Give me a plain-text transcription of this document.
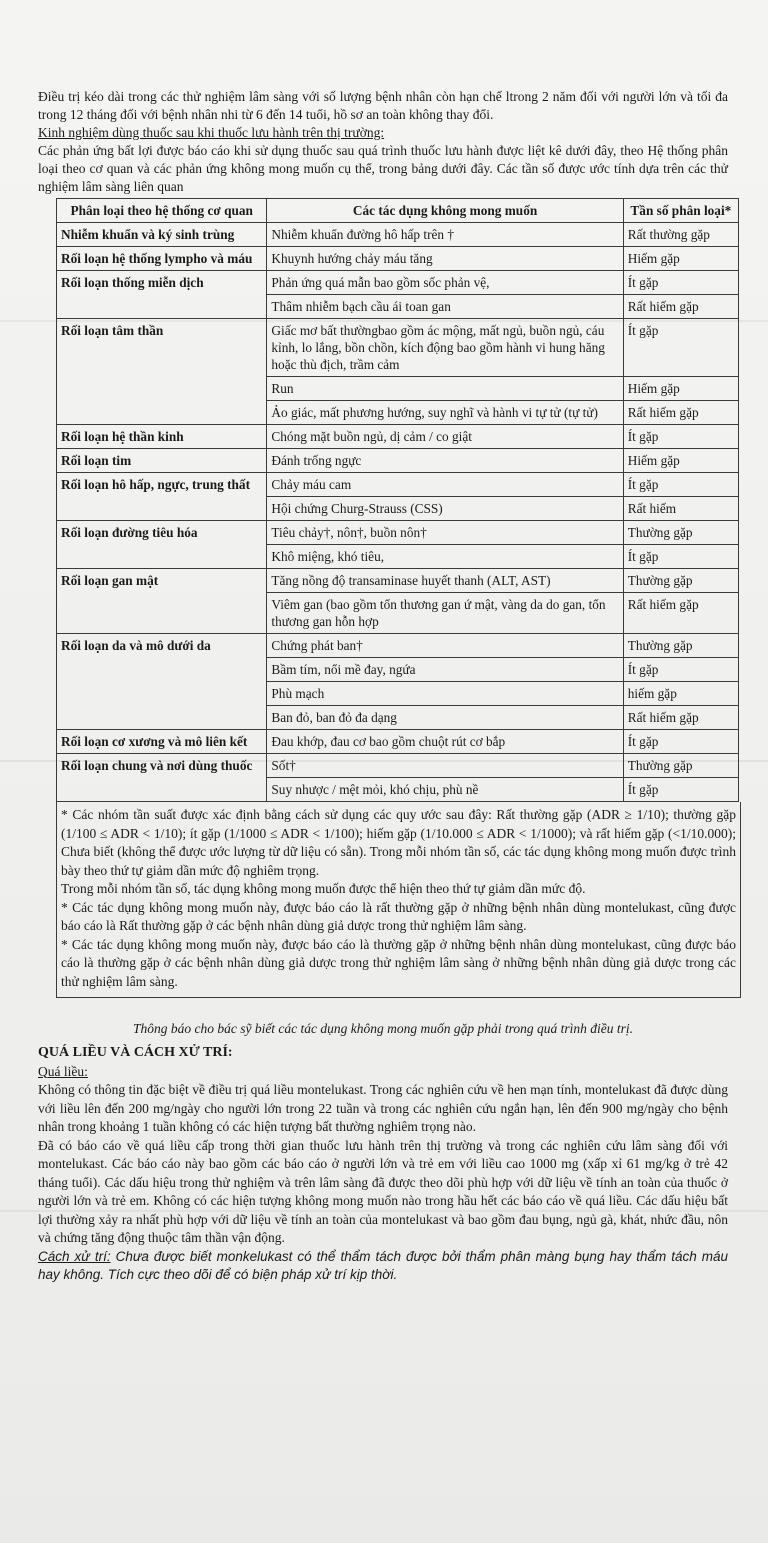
Điều trị kéo dài trong các thử nghiệm lâm sàng với số lượng bệnh nhân còn hạn chế ltrong 2 năm đối với người lớn và tối đa trong 12 tháng đối với bệnh nhân nhi từ 6 đến 14 tuổi, hồ sơ an toàn không thay đổi.

Kinh nghiệm dùng thuốc sau khi thuốc lưu hành trên thị trường:

Các phản ứng bất lợi được báo cáo khi sử dụng thuốc sau quá trình thuốc lưu hành được liệt kê dưới đây, theo Hệ thống phân loại theo cơ quan và các phản ứng không mong muốn cụ thể, trong bảng dưới đây. Các tần số được ước tính dựa trên các thử nghiệm lâm sàng liên quan

Phân loại theo hệ thống cơ quan	Các tác dụng không mong muốn	Tần số phân loại*
Nhiễm khuẩn và ký sinh trùng	Nhiễm khuẩn đường hô hấp trên †	Rất thường gặp
Rối loạn hệ thống lympho và máu	Khuynh hướng chảy máu tăng	Hiếm gặp
Rối loạn thống miễn dịch	Phản ứng quá mẫn bao gồm sốc phản vệ,	Ít gặp
	Thâm nhiễm bạch cầu ái toan gan	Rất hiếm gặp
Rối loạn tâm thần	Giấc mơ bất thườngbao gồm ác mộng, mất ngủ, buồn ngủ, cáu kỉnh, lo lắng, bồn chồn, kích động bao gồm hành vi hung hăng hoặc thù địch, trầm cảm	Ít gặp
	Run	Hiếm gặp
	Ảo giác, mất phương hướng, suy nghĩ và hành vi tự tử (tự tử)	Rất hiếm gặp
Rối loạn hệ thần kinh	Chóng mặt buồn ngủ, dị cảm / co giật	Ít gặp
Rối loạn tim	Đánh trống ngực	Hiếm gặp
Rối loạn hô hấp, ngực, trung thất	Chảy máu cam	Ít gặp
	Hội chứng Churg-Strauss (CSS)	Rất hiếm
Rối loạn đường tiêu hóa	Tiêu chảy†, nôn†, buồn nôn†	Thường gặp
	Khô miệng, khó tiêu,	Ít gặp
Rối loạn gan mật	Tăng nồng độ transaminase huyết thanh (ALT, AST)	Thường gặp
	Viêm gan (bao gồm tổn thương gan ứ mật, vàng da do gan, tổn thương gan hỗn hợp	Rất hiếm gặp
Rối loạn da và mô dưới da	Chứng phát ban†	Thường gặp
	Bầm tím, nổi mề đay, ngứa	Ít gặp
	Phù mạch	hiếm gặp
	Ban đỏ, ban đỏ đa dạng	Rất hiếm gặp
Rối loạn cơ xương và mô liên kết	Đau khớp, đau cơ bao gồm chuột rút cơ bắp	Ít gặp
Rối loạn chung và nơi dùng thuốc	Sốt†	Thường gặp
	Suy nhược / mệt mỏi, khó chịu, phù nề	Ít gặp

* Các nhóm tần suất được xác định bằng cách sử dụng các quy ước sau đây: Rất thường gặp (ADR ≥ 1/10); thường gặp (1/100 ≤ ADR < 1/10); ít gặp (1/1000 ≤ ADR < 1/100); hiếm gặp (1/10.000 ≤ ADR < 1/1000); và rất hiếm gặp (<1/10.000); Chưa biết (không thể được ước lượng từ dữ liệu có sẵn). Trong mỗi nhóm tần số, các tác dụng không mong muốn được trình bày theo thứ tự giảm dần mức độ nghiêm trọng.

Trong mỗi nhóm tần số, tác dụng không mong muốn được thể hiện theo thứ tự giảm dần mức độ.

* Các tác dụng không mong muốn này, được báo cáo là rất thường gặp ở những bệnh nhân dùng montelukast, cũng được báo cáo là Rất thường gặp ở các bệnh nhân dùng giả dược trong thử nghiệm lâm sàng.

* Các tác dụng không mong muốn này, được báo cáo là thường gặp ở những bệnh nhân dùng montelukast, cũng được báo cáo là thường gặp ở các bệnh nhân dùng giả dược trong thử nghiệm lâm sàng ở những bệnh nhân dùng giả dược trong các thử nghiệm lâm sàng.

Thông báo cho bác sỹ biết các tác dụng không mong muốn gặp phải trong quá trình điều trị.

QUÁ LIỀU VÀ CÁCH XỬ TRÍ:

Quá liều:

Không có thông tin đặc biệt về điều trị quá liều montelukast. Trong các nghiên cứu về hen mạn tính, montelukast đã được dùng với liều lên đến 200 mg/ngày cho người lớn trong 22 tuần và trong các nghiên cứu ngắn hạn, lên đến 900 mg/ngày cho bệnh nhân trong khoảng 1 tuần không có các hiện tượng bất thường nghiêm trọng nào.

Đã có báo cáo về quá liều cấp trong thời gian thuốc lưu hành trên thị trường và trong các nghiên cứu lâm sàng đối với montelukast. Các báo cáo này bao gồm các báo cáo ở người lớn và trẻ em với liều cao 1000 mg (xấp xỉ 61 mg/kg ở trẻ 42 tháng tuổi). Các dấu hiệu trong thử nghiệm và trên lâm sàng đã được theo dõi phù hợp với dữ liệu về tính an toàn của thuốc ở người lớn và trẻ em. Không có các hiện tượng không mong muốn nào trong hầu hết các báo cáo về quá liều. Các dấu hiệu bất lợi thường xảy ra nhất phù hợp với dữ liệu về tính an toàn của montelukast và bao gồm đau bụng, ngủ gà, khát, nhức đầu, nôn và chứng tăng động thuộc tâm thần vận động.

Cách xử trí: Chưa được biết monkelukast có thể thẩm tách được bởi thẩm phân màng bụng hay thẩm tách máu hay không. Tích cực theo dõi để có biện pháp xử trí kịp thời.
